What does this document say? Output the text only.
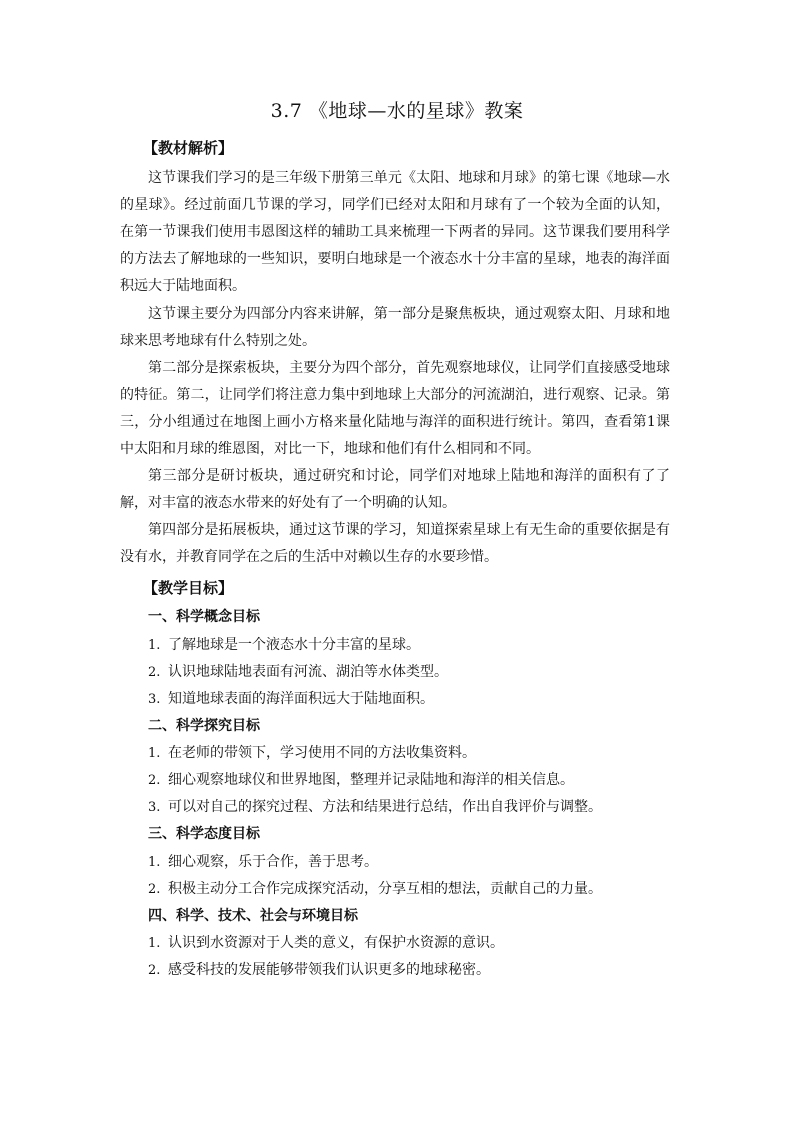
3.7 《地球—水的星球》教案
【教材解析】

这节课我们学习的是三年级下册第三单元《太阳、地球和月球》的第七课《地球—水的星球》。经过前面几节课的学习，同学们已经对太阳和月球有了一个较为全面的认知，在第一节课我们使用韦恩图这样的辅助工具来梳理一下两者的异同。这节课我们要用科学的方法去了解地球的一些知识，要明白地球是一个液态水十分丰富的星球，地表的海洋面积远大于陆地面积。

这节课主要分为四部分内容来讲解，第一部分是聚焦板块，通过观察太阳、月球和地球来思考地球有什么特别之处。

第二部分是探索板块，主要分为四个部分，首先观察地球仪，让同学们直接感受地球的特征。第二，让同学们将注意力集中到地球上大部分的河流湖泊，进行观察、记录。第三，分小组通过在地图上画小方格来量化陆地与海洋的面积进行统计。第四，查看第1课中太阳和月球的维恩图，对比一下，地球和他们有什么相同和不同。

第三部分是研讨板块，通过研究和讨论，同学们对地球上陆地和海洋的面积有了了解，对丰富的液态水带来的好处有了一个明确的认知。

第四部分是拓展板块，通过这节课的学习，知道探索星球上有无生命的重要依据是有没有水，并教育同学在之后的生活中对赖以生存的水要珍惜。

【教学目标】
一、科学概念目标
1. 了解地球是一个液态水十分丰富的星球。
2. 认识地球陆地表面有河流、湖泊等水体类型。
3. 知道地球表面的海洋面积远大于陆地面积。
二、科学探究目标
1. 在老师的带领下，学习使用不同的方法收集资料。
2. 细心观察地球仪和世界地图，整理并记录陆地和海洋的相关信息。
3. 可以对自己的探究过程、方法和结果进行总结，作出自我评价与调整。
三、科学态度目标
1. 细心观察，乐于合作，善于思考。
2. 积极主动分工合作完成探究活动，分享互相的想法，贡献自己的力量。
四、科学、技术、社会与环境目标
1. 认识到水资源对于人类的意义，有保护水资源的意识。
2. 感受科技的发展能够带领我们认识更多的地球秘密。
